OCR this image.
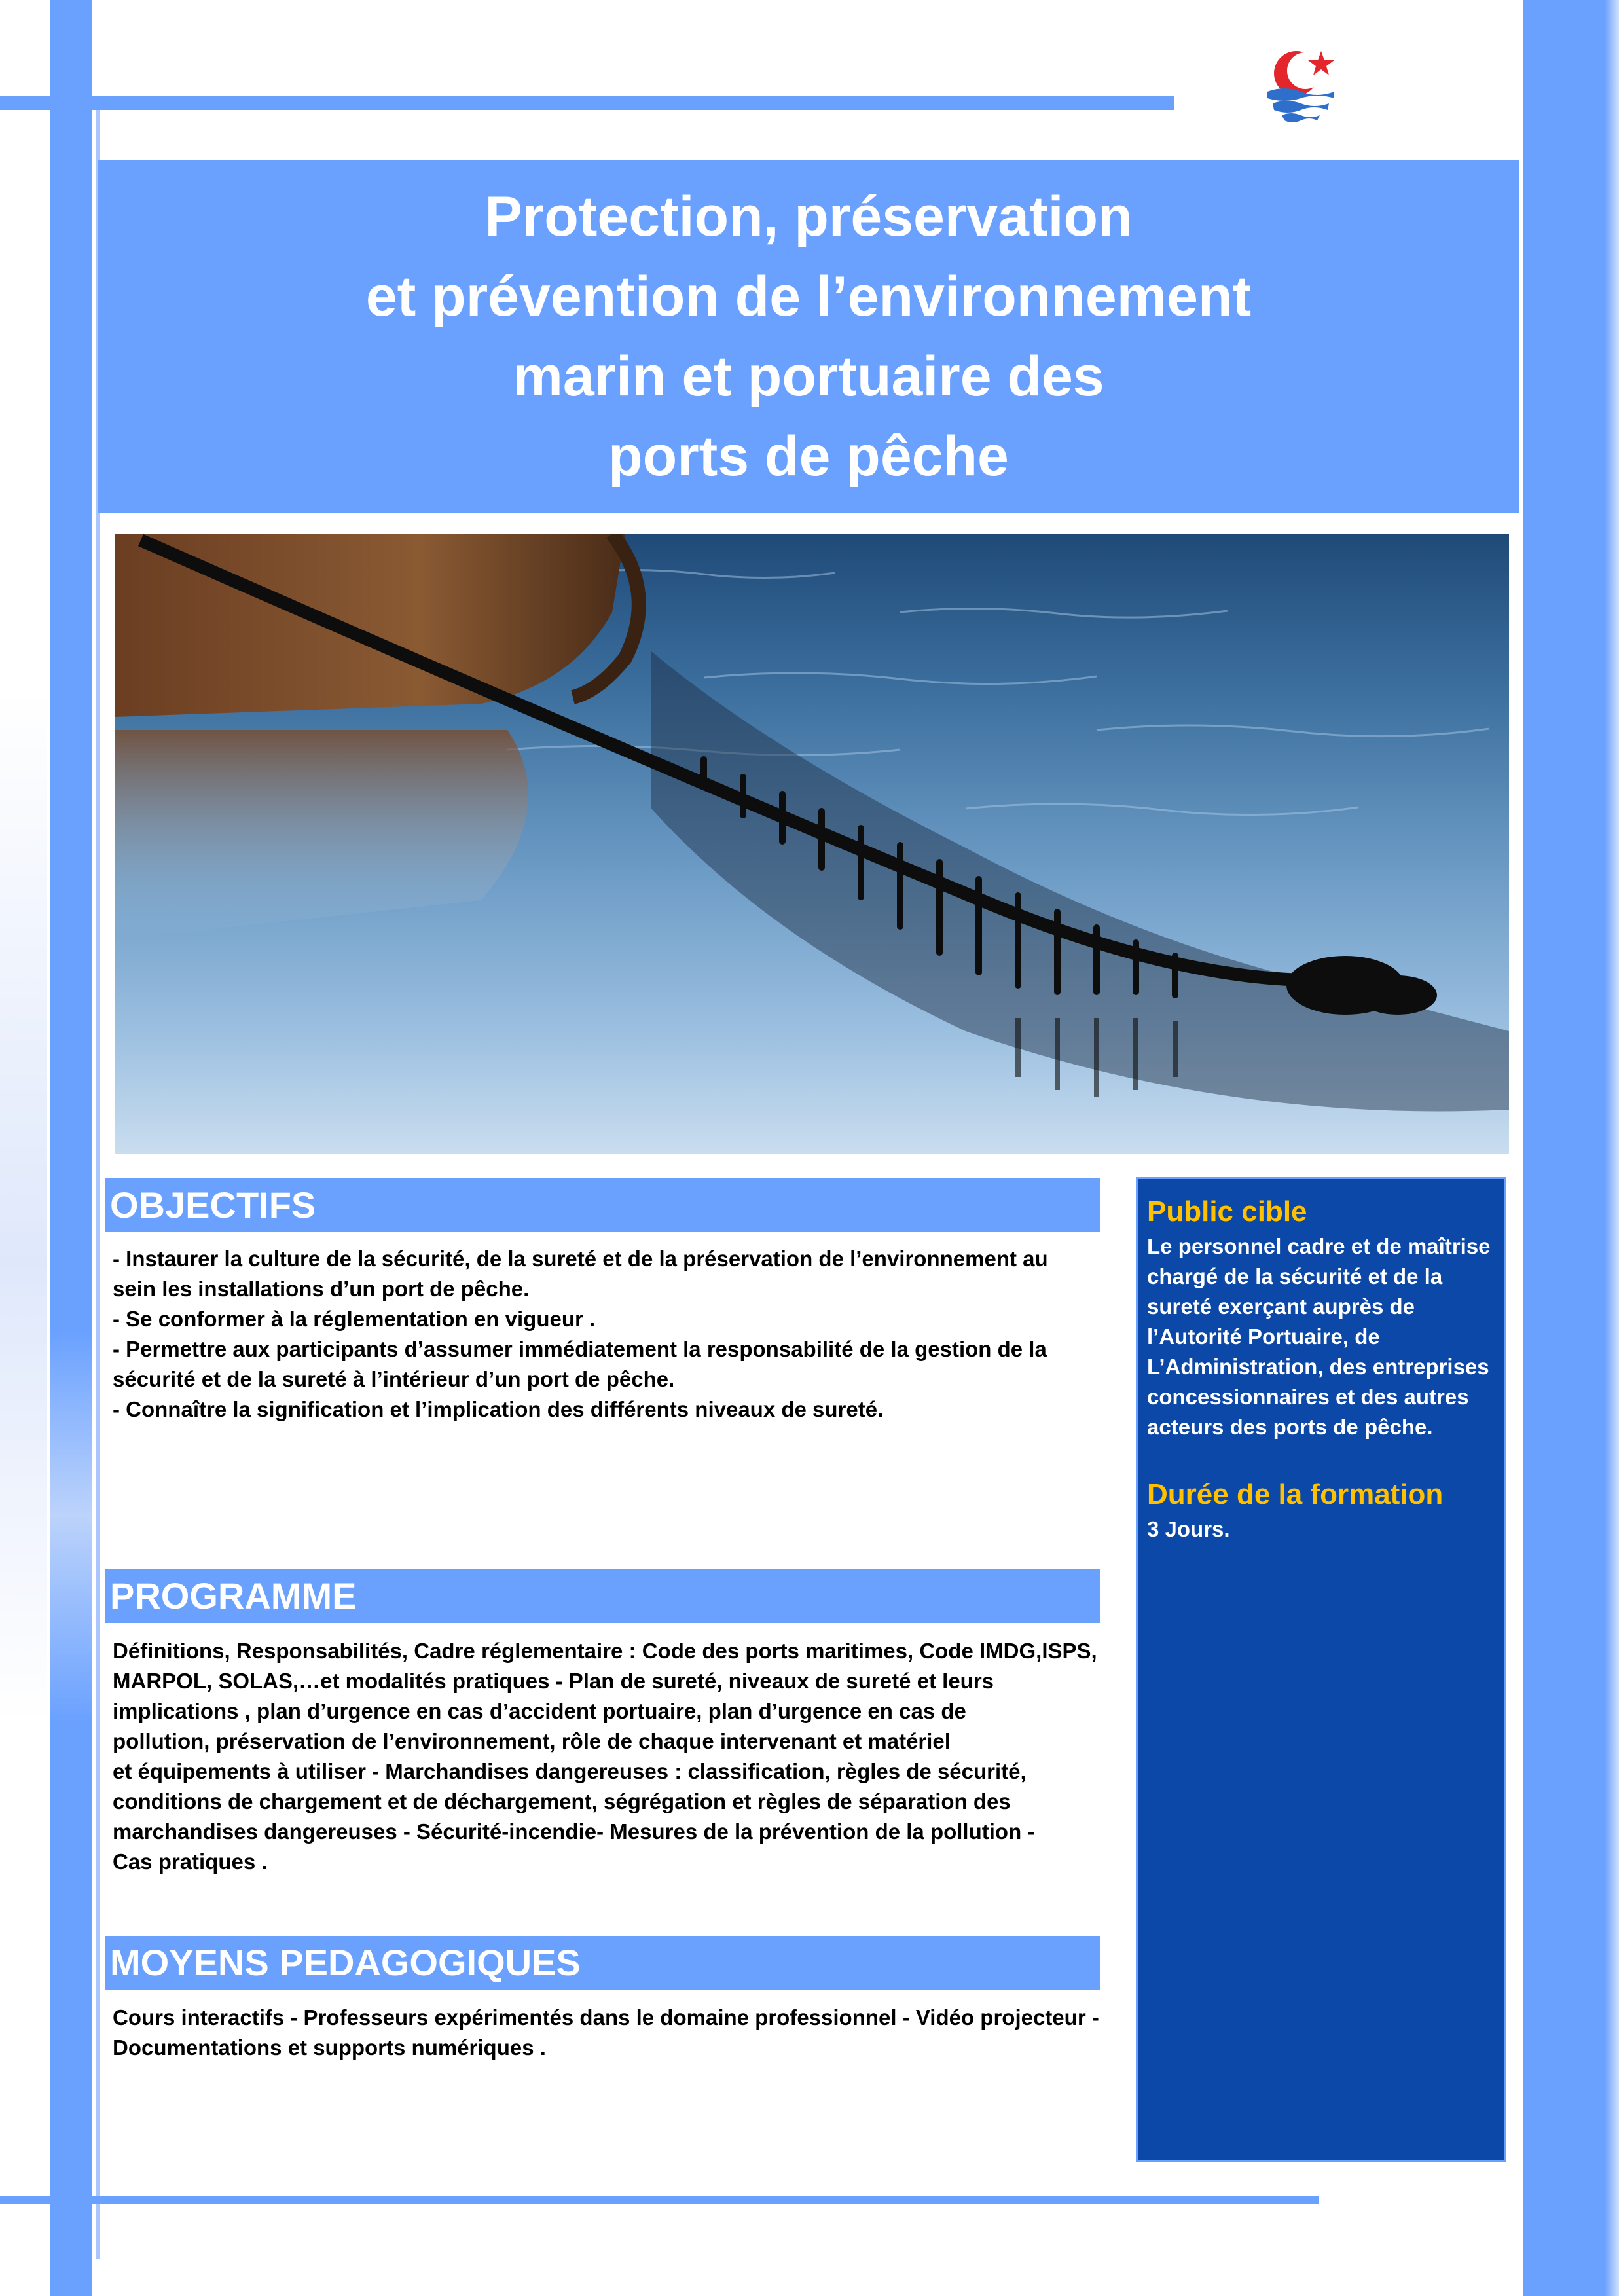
Protection, préservation
et prévention de l’environnement
marin et portuaire des
ports de pêche
OBJECTIFS
- Instaurer la culture de la sécurité, de la sureté et de la préservation de l’environnement au
sein les installations d’un port de pêche.
- Se conformer à la réglementation en vigueur .
- Permettre aux participants d’assumer immédiatement la responsabilité de la gestion de la
sécurité et de la sureté à l’intérieur d’un port de pêche.
- Connaître la signification et l’implication des différents niveaux de sureté.
PROGRAMME
Définitions, Responsabilités, Cadre réglementaire : Code des ports maritimes, Code IMDG,ISPS,
MARPOL, SOLAS,…et modalités pratiques - Plan de sureté, niveaux de sureté et leurs
implications , plan d’urgence en cas d’accident portuaire, plan d’urgence en cas de
pollution, préservation de l’environnement, rôle de chaque intervenant et matériel
et équipements à utiliser - Marchandises dangereuses : classification, règles de sécurité,
conditions de chargement et de déchargement, ségrégation et règles de séparation des
marchandises dangereuses - Sécurité-incendie- Mesures de la prévention de la pollution -
Cas pratiques .
MOYENS PEDAGOGIQUES
Cours interactifs - Professeurs expérimentés dans le domaine professionnel - Vidéo projecteur -
Documentations et supports numériques .
Public cible
Le personnel cadre et de maîtrise
chargé de la sécurité et de la
sureté exerçant auprès de
l’Autorité Portuaire, de
L’Administration, des entreprises
concessionnaires et des autres
acteurs des ports de pêche.
Durée de la formation
3 Jours.
